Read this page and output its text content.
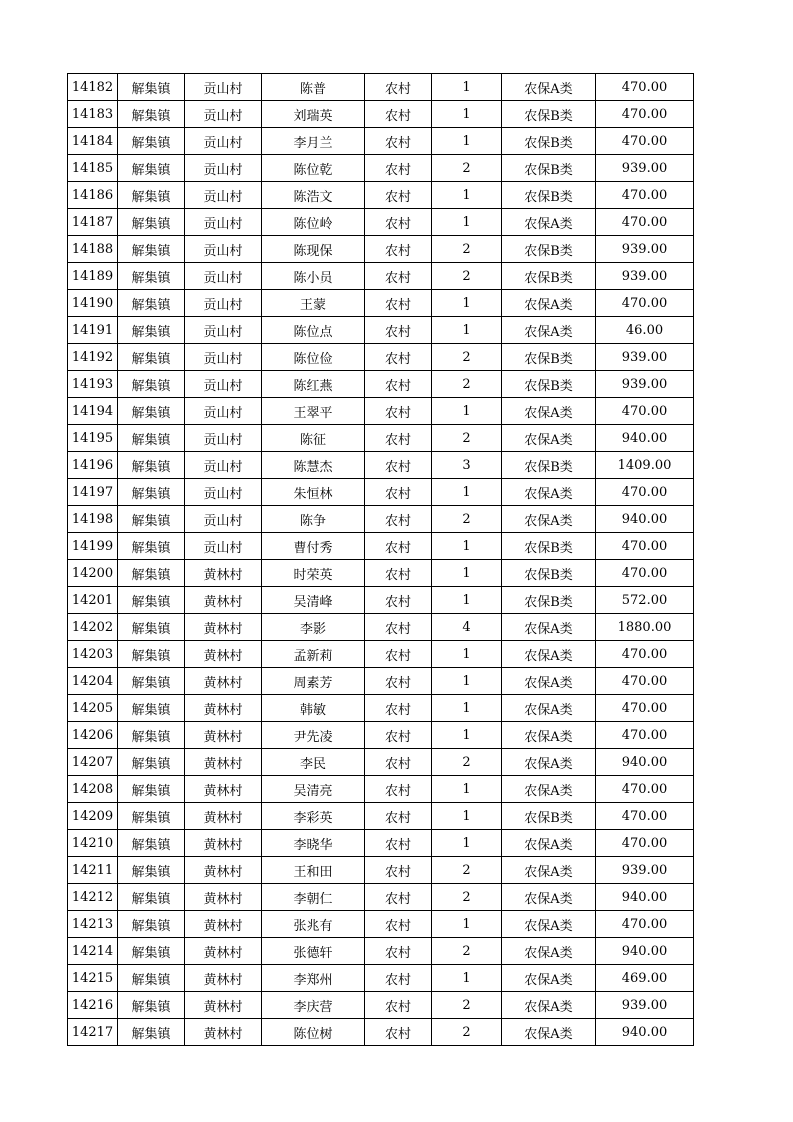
14182	解集镇	贡山村	陈普	农村	1	农保A类	470.00
14183	解集镇	贡山村	刘瑞英	农村	1	农保B类	470.00
14184	解集镇	贡山村	李月兰	农村	1	农保B类	470.00
14185	解集镇	贡山村	陈位乾	农村	2	农保B类	939.00
14186	解集镇	贡山村	陈浩文	农村	1	农保B类	470.00
14187	解集镇	贡山村	陈位岭	农村	1	农保A类	470.00
14188	解集镇	贡山村	陈现保	农村	2	农保B类	939.00
14189	解集镇	贡山村	陈小员	农村	2	农保B类	939.00
14190	解集镇	贡山村	王蒙	农村	1	农保A类	470.00
14191	解集镇	贡山村	陈位点	农村	1	农保A类	46.00
14192	解集镇	贡山村	陈位俭	农村	2	农保B类	939.00
14193	解集镇	贡山村	陈红燕	农村	2	农保B类	939.00
14194	解集镇	贡山村	王翠平	农村	1	农保A类	470.00
14195	解集镇	贡山村	陈征	农村	2	农保A类	940.00
14196	解集镇	贡山村	陈慧杰	农村	3	农保B类	1409.00
14197	解集镇	贡山村	朱恒林	农村	1	农保A类	470.00
14198	解集镇	贡山村	陈争	农村	2	农保A类	940.00
14199	解集镇	贡山村	曹付秀	农村	1	农保B类	470.00
14200	解集镇	黄林村	时荣英	农村	1	农保B类	470.00
14201	解集镇	黄林村	吴清峰	农村	1	农保B类	572.00
14202	解集镇	黄林村	李影	农村	4	农保A类	1880.00
14203	解集镇	黄林村	孟新莉	农村	1	农保A类	470.00
14204	解集镇	黄林村	周素芳	农村	1	农保A类	470.00
14205	解集镇	黄林村	韩敏	农村	1	农保A类	470.00
14206	解集镇	黄林村	尹先凌	农村	1	农保A类	470.00
14207	解集镇	黄林村	李民	农村	2	农保A类	940.00
14208	解集镇	黄林村	吴清亮	农村	1	农保A类	470.00
14209	解集镇	黄林村	李彩英	农村	1	农保B类	470.00
14210	解集镇	黄林村	李晓华	农村	1	农保A类	470.00
14211	解集镇	黄林村	王和田	农村	2	农保A类	939.00
14212	解集镇	黄林村	李朝仁	农村	2	农保A类	940.00
14213	解集镇	黄林村	张兆有	农村	1	农保A类	470.00
14214	解集镇	黄林村	张德轩	农村	2	农保A类	940.00
14215	解集镇	黄林村	李郑州	农村	1	农保A类	469.00
14216	解集镇	黄林村	李庆营	农村	2	农保A类	939.00
14217	解集镇	黄林村	陈位树	农村	2	农保A类	940.00
